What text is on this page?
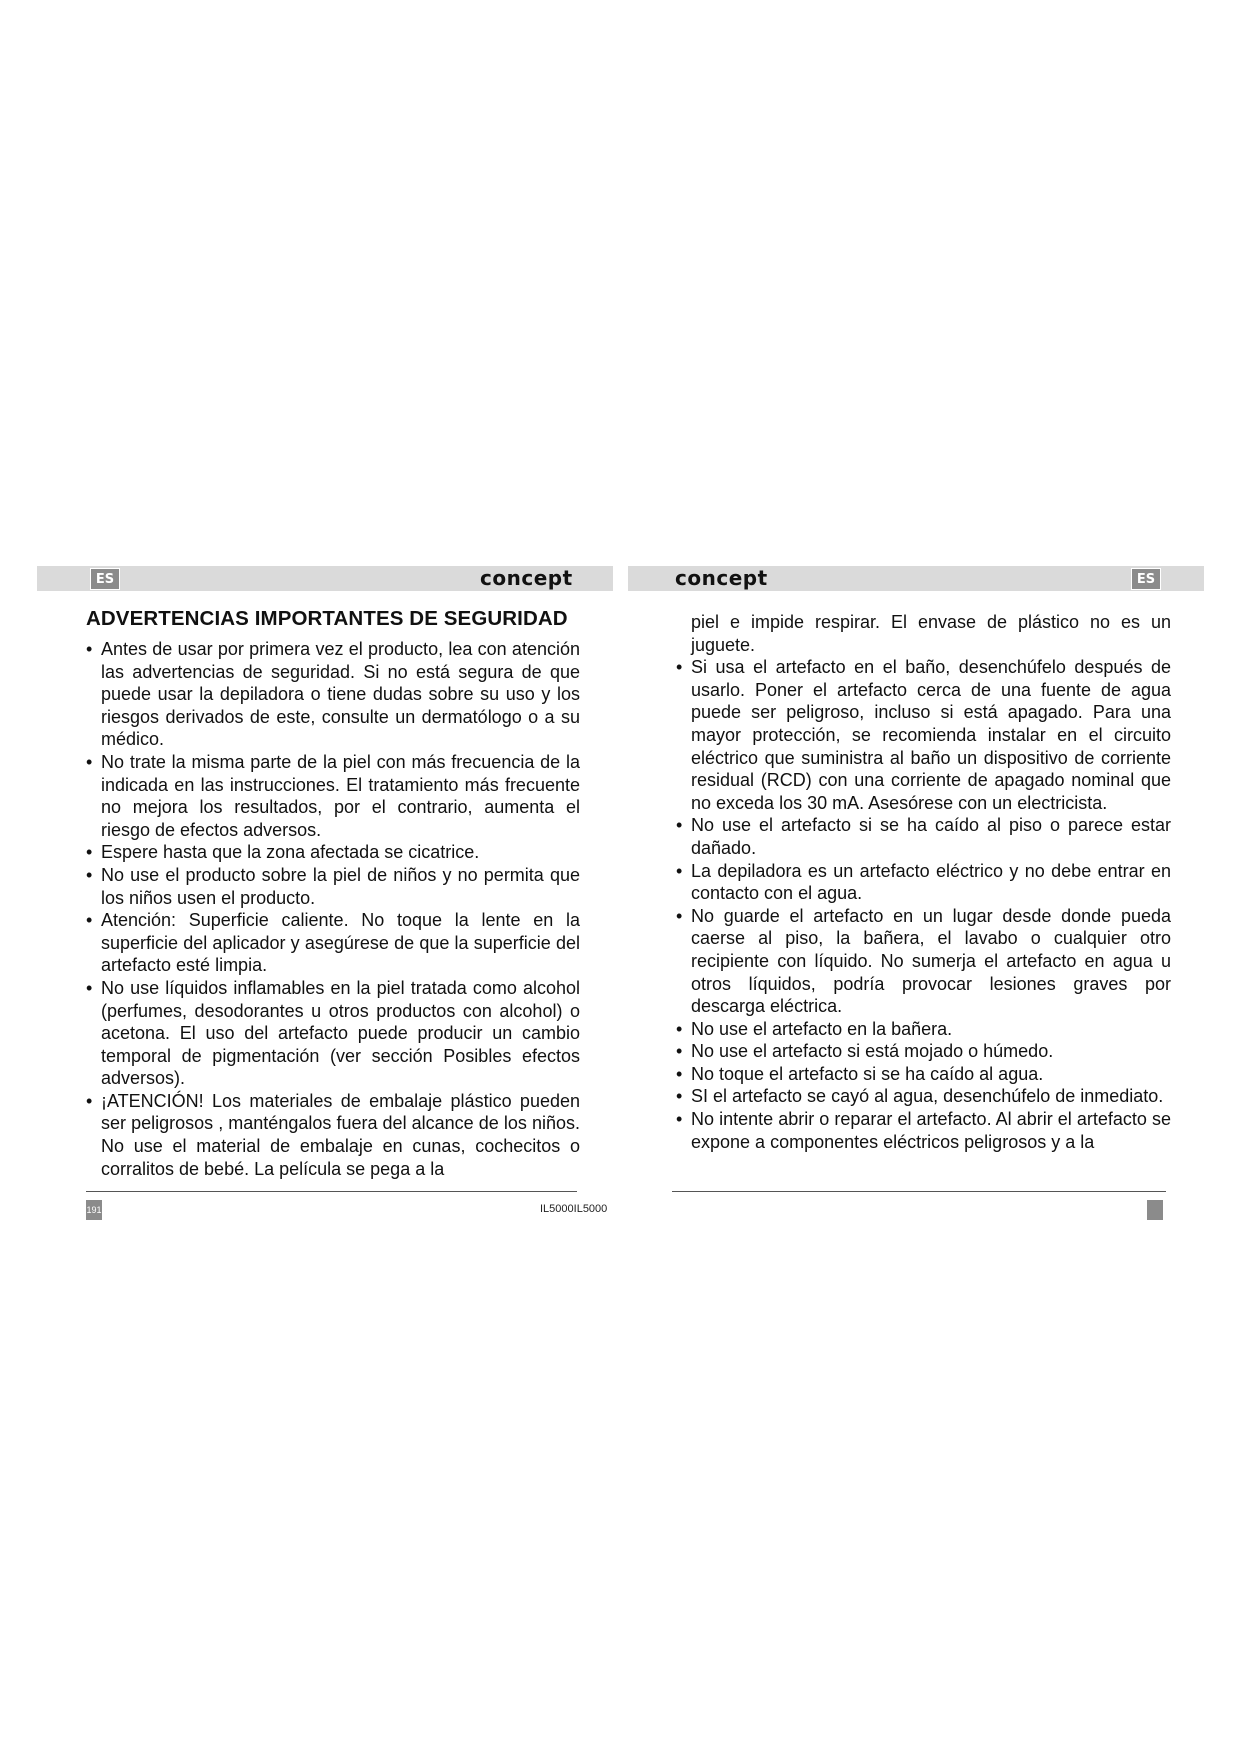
ES	ES
concept	concept
ADVERTENCIAS IMPORTANTES DE SEGURIDAD
• Antes de usar por primera vez el producto, lea con atención las advertencias de seguridad. Si no está segura de que puede usar la depiladora o tiene dudas sobre su uso y los riesgos derivados de este, consulte un dermatólogo o a su médico.
• No trate la misma parte de la piel con más frecuencia de la indicada en las instrucciones. El tratamiento más frecuente no mejora los resultados, por el contrario, aumenta el riesgo de efectos adversos.
• Espere hasta que la zona afectada se cicatrice.
• No use el producto sobre la piel de niños y no permita que los niños usen el producto.
• Atención: Superficie caliente. No toque la lente en la superficie del aplicador y asegúrese de que la superficie del artefacto esté limpia.
• No use líquidos inflamables en la piel tratada como alcohol (perfumes, desodorantes u otros productos con alcohol) o acetona. El uso del artefacto puede producir un cambio temporal de pigmentación (ver sección Posibles efectos adversos).
• ¡ATENCIÓN! Los materiales de embalaje plástico pueden ser peligrosos , manténgalos fuera del alcance de los niños. No use el material de embalaje en cunas, cochecitos o corralitos de bebé. La película se pega a la
piel e impide respirar. El envase de plástico no es un juguete.
• Si usa el artefacto en el baño, desenchúfelo después de usarlo. Poner el artefacto cerca de una fuente de agua puede ser peligroso, incluso si está apagado. Para una mayor protección, se recomienda instalar en el circuito eléctrico que suministra al baño un dispositivo de corriente residual (RCD) con una corriente de apagado nominal que no exceda los 30 mA. Asesórese con un electricista.
• No use el artefacto si se ha caído al piso o parece estar dañado.
• La depiladora es un artefacto eléctrico y no debe entrar en contacto con el agua.
• No guarde el artefacto en un lugar desde donde pueda caerse al piso, la bañera, el lavabo o cualquier otro recipiente con líquido. No sumerja el artefacto en agua u otros líquidos, podría provocar lesiones graves por descarga eléctrica.
• No use el artefacto en la bañera.
• No use el artefacto si está mojado o húmedo.
• No toque el artefacto si se ha caído al agua.
• SI el artefacto se cayó al agua, desenchúfelo de inmediato.
• No intente abrir o reparar el artefacto. Al abrir el artefacto se expone a componentes eléctricos peligrosos y a la
191	IL5000IL5000
